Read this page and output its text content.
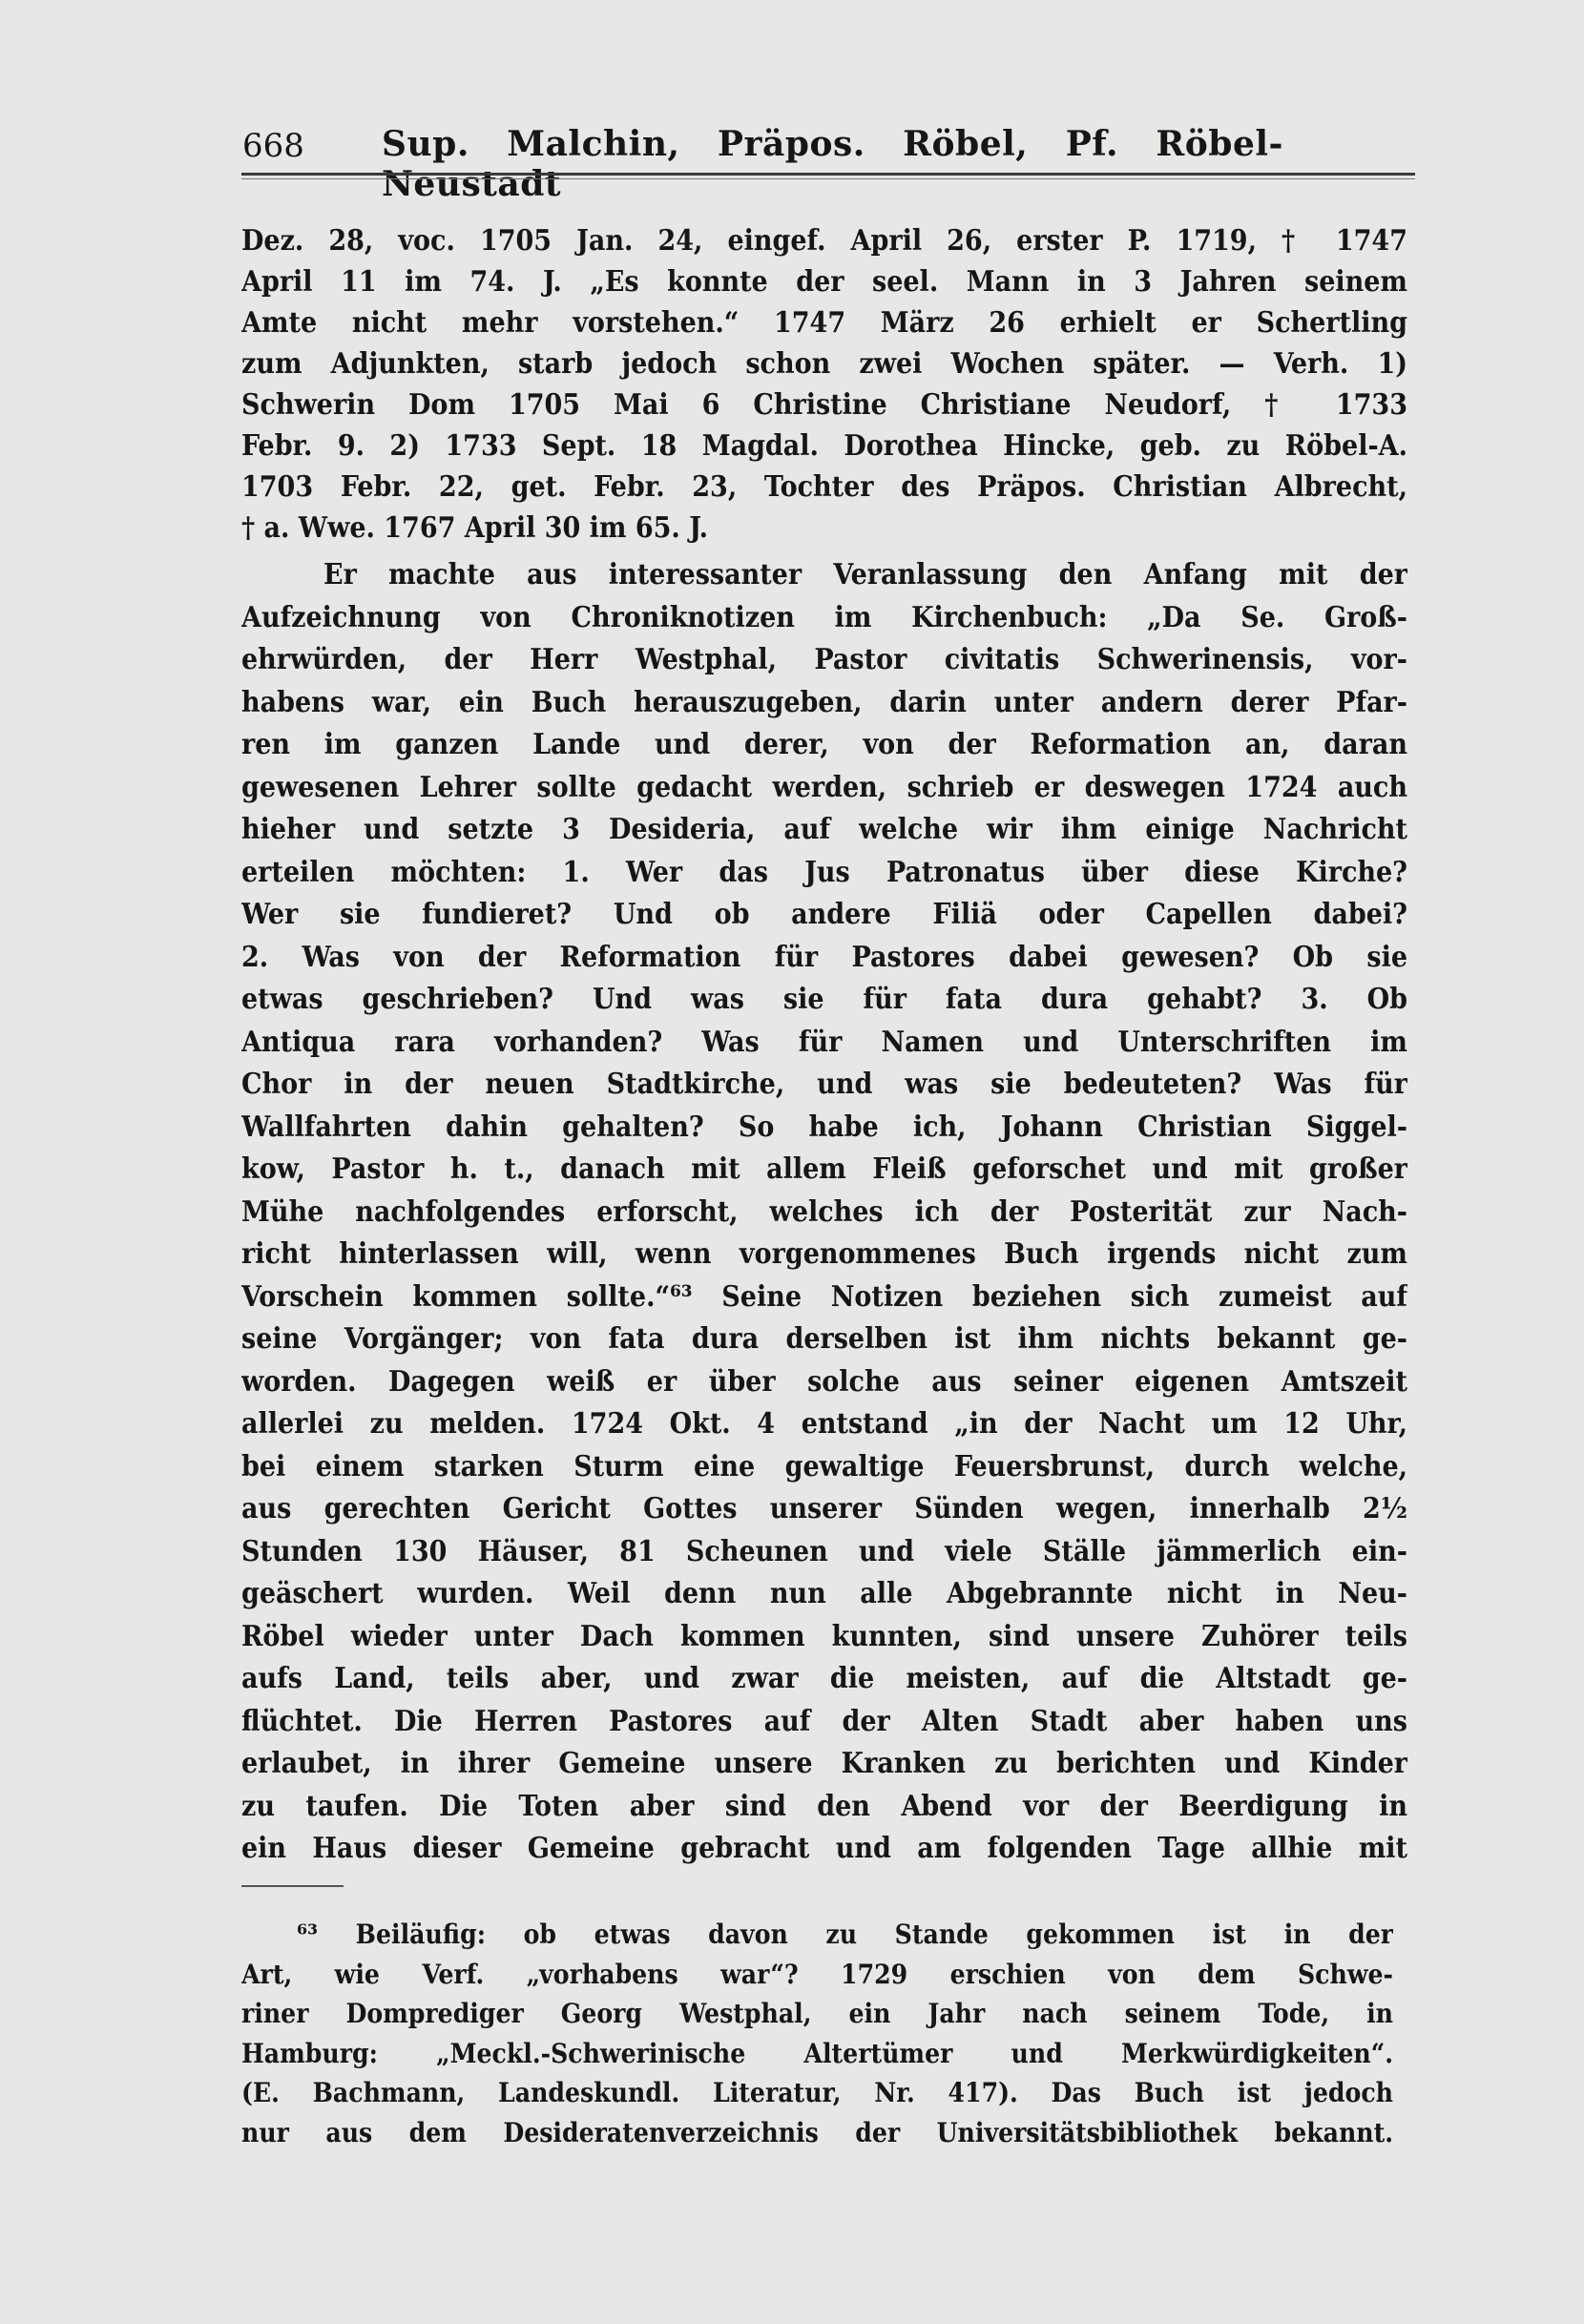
668 Sup. Malchin, Präpos. Röbel, Pf. Röbel-Neustadt
Dez. 28, voc. 1705 Jan. 24, eingef. April 26, erster P. 1719, † 1747
April 11 im 74. J. „Es konnte der seel. Mann in 3 Jahren seinem
Amte nicht mehr vorstehen.“ 1747 März 26 erhielt er Schertling
zum Adjunkten, starb jedoch schon zwei Wochen später. — Verh. 1)
Schwerin Dom 1705 Mai 6 Christine Christiane Neudorf, † 1733
Febr. 9. 2) 1733 Sept. 18 Magdal. Dorothea Hincke, geb. zu Röbel-A.
1703 Febr. 22, get. Febr. 23, Tochter des Präpos. Christian Albrecht,
† a. Wwe. 1767 April 30 im 65. J.
Er machte aus interessanter Veranlassung den Anfang mit der
Aufzeichnung von Chroniknotizen im Kirchenbuch: „Da Se. Groß-
ehrwürden, der Herr Westphal, Pastor civitatis Schwerinensis, vor-
habens war, ein Buch herauszugeben, darin unter andern derer Pfar-
ren im ganzen Lande und derer, von der Reformation an, daran
gewesenen Lehrer sollte gedacht werden, schrieb er deswegen 1724 auch
hieher und setzte 3 Desideria, auf welche wir ihm einige Nachricht
erteilen möchten: 1. Wer das Jus Patronatus über diese Kirche?
Wer sie fundieret? Und ob andere Filiä oder Capellen dabei?
2. Was von der Reformation für Pastores dabei gewesen? Ob sie
etwas geschrieben? Und was sie für fata dura gehabt? 3. Ob
Antiqua rara vorhanden? Was für Namen und Unterschriften im
Chor in der neuen Stadtkirche, und was sie bedeuteten? Was für
Wallfahrten dahin gehalten? So habe ich, Johann Christian Siggel-
kow, Pastor h. t., danach mit allem Fleiß geforschet und mit großer
Mühe nachfolgendes erforscht, welches ich der Posterität zur Nach-
richt hinterlassen will, wenn vorgenommenes Buch irgends nicht zum
Vorschein kommen sollte.“⁶³ Seine Notizen beziehen sich zumeist auf
seine Vorgänger; von fata dura derselben ist ihm nichts bekannt ge-
worden. Dagegen weiß er über solche aus seiner eigenen Amtszeit
allerlei zu melden. 1724 Okt. 4 entstand „in der Nacht um 12 Uhr,
bei einem starken Sturm eine gewaltige Feuersbrunst, durch welche,
aus gerechten Gericht Gottes unserer Sünden wegen, innerhalb 2½
Stunden 130 Häuser, 81 Scheunen und viele Ställe jämmerlich ein-
geäschert wurden. Weil denn nun alle Abgebrannte nicht in Neu-
Röbel wieder unter Dach kommen kunnten, sind unsere Zuhörer teils
aufs Land, teils aber, und zwar die meisten, auf die Altstadt ge-
flüchtet. Die Herren Pastores auf der Alten Stadt aber haben uns
erlaubet, in ihrer Gemeine unsere Kranken zu berichten und Kinder
zu taufen. Die Toten aber sind den Abend vor der Beerdigung in
ein Haus dieser Gemeine gebracht und am folgenden Tage allhie mit
⁶³ Beiläufig: ob etwas davon zu Stande gekommen ist in der
Art, wie Verf. „vorhabens war“? 1729 erschien von dem Schwe-
riner Domprediger Georg Westphal, ein Jahr nach seinem Tode, in
Hamburg: „Meckl.-Schwerinische Altertümer und Merkwürdigkeiten“.
(E. Bachmann, Landeskundl. Literatur, Nr. 417). Das Buch ist jedoch
nur aus dem Desideratenverzeichnis der Universitätsbibliothek bekannt.
